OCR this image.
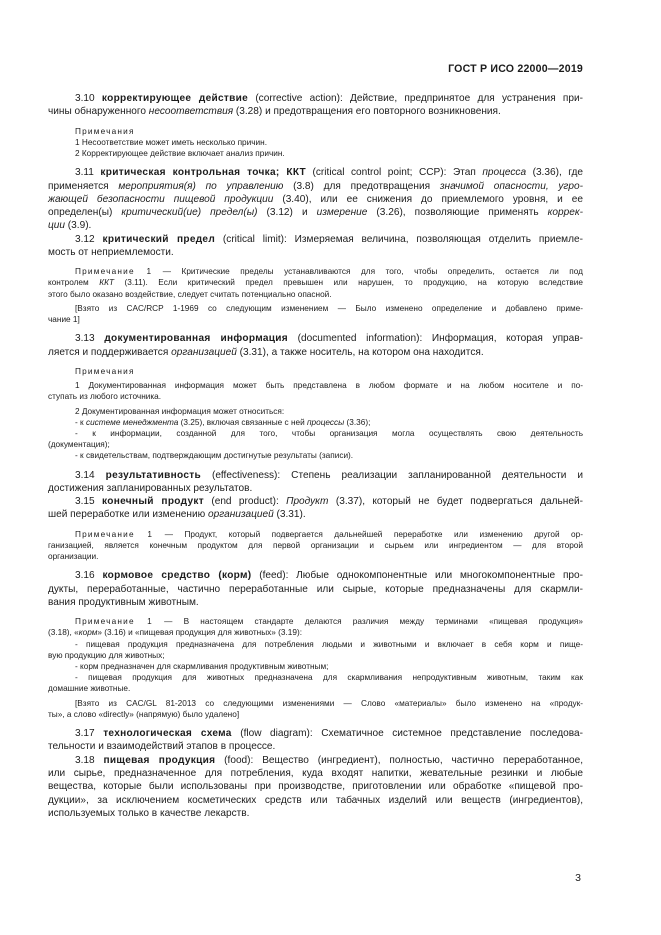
ГОСТ Р ИСО 22000—2019

3.10 корректирующее действие (corrective action): Действие, предпринятое для устранения при-

чины обнаруженного несоответствия (3.28) и предотвращения его повторного возникновения.

Примечания

1 Несоответствие может иметь несколько причин.

2 Корректирующее действие включает анализ причин.

3.11 критическая контрольная точка; ККТ (critical control point; CCP): Этап процесса (3.36), где

применяется мероприятия(я) по управлению (3.8) для предотвращения значимой опасности, угро-

жающей безопасности пищевой продукции (3.40), или ее снижения до приемлемого уровня, и ее

определен(ы) критический(ие) предел(ы) (3.12) и измерение (3.26), позволяющие применять коррек-

ции (3.9).

3.12 критический предел (critical limit): Измеряемая величина, позволяющая отделить приемле-

мость от неприемлемости.

Примечание 1 — Критические пределы устанавливаются для того, чтобы определить, остается ли под

контролем ККТ (3.11). Если критический предел превышен или нарушен, то продукцию, на которую вследствие

этого было оказано воздействие, следует считать потенциально опасной.

[Взято из CAC/RCP 1-1969 со следующим изменением — Было изменено определение и добавлено приме-

чание 1]

3.13 документированная информация (documented information): Информация, которая управ-

ляется и поддерживается организацией (3.31), а также носитель, на котором она находится.

Примечания

1 Документированная информация может быть представлена в любом формате и на любом носителе и по-

ступать из любого источника.

2 Документированная информация может относиться:

- к системе менеджмента (3.25), включая связанные с ней процессы (3.36);

- к информации, созданной для того, чтобы организация могла осуществлять свою деятельность

(документация);

- к свидетельствам, подтверждающим достигнутые результаты (записи).

3.14 результативность (effectiveness): Степень реализации запланированной деятельности и

достижения запланированных результатов.

3.15 конечный продукт (end product): Продукт (3.37), который не будет подвергаться дальней-

шей переработке или изменению организацией (3.31).

Примечание 1 — Продукт, который подвергается дальнейшей переработке или изменению другой ор-

ганизацией, является конечным продуктом для первой организации и сырьем или ингредиентом — для второй

организации.

3.16 кормовое средство (корм) (feed): Любые однокомпонентные или многокомпонентные про-

дукты, переработанные, частично переработанные или сырые, которые предназначены для скармли-

вания продуктивным животным.

Примечание 1 — В настоящем стандарте делаются различия между терминами «пищевая продукция»

(3.18), «корм» (3.16) и «пищевая продукция для животных» (3.19):

- пищевая продукция предназначена для потребления людьми и животными и включает в себя корм и пище-

вую продукцию для животных;

- корм предназначен для скармливания продуктивным животным;

- пищевая продукция для животных предназначена для скармливания непродуктивным животным, таким как

домашние животные.

[Взято из CAC/GL 81-2013 со следующими изменениями — Слово «материалы» было изменено на «продук-

ты», а слово «directly» (напрямую) было удалено]

3.17 технологическая схема (flow diagram): Схематичное системное представление последова-

тельности и взаимодействий этапов в процессе.

3.18 пищевая продукция (food): Вещество (ингредиент), полностью, частично переработанное,

или сырье, предназначенное для потребления, куда входят напитки, жевательные резинки и любые

вещества, которые были использованы при производстве, приготовлении или обработке «пищевой про-

дукции», за исключением косметических средств или табачных изделий или веществ (ингредиентов),

используемых только в качестве лекарств.

3
